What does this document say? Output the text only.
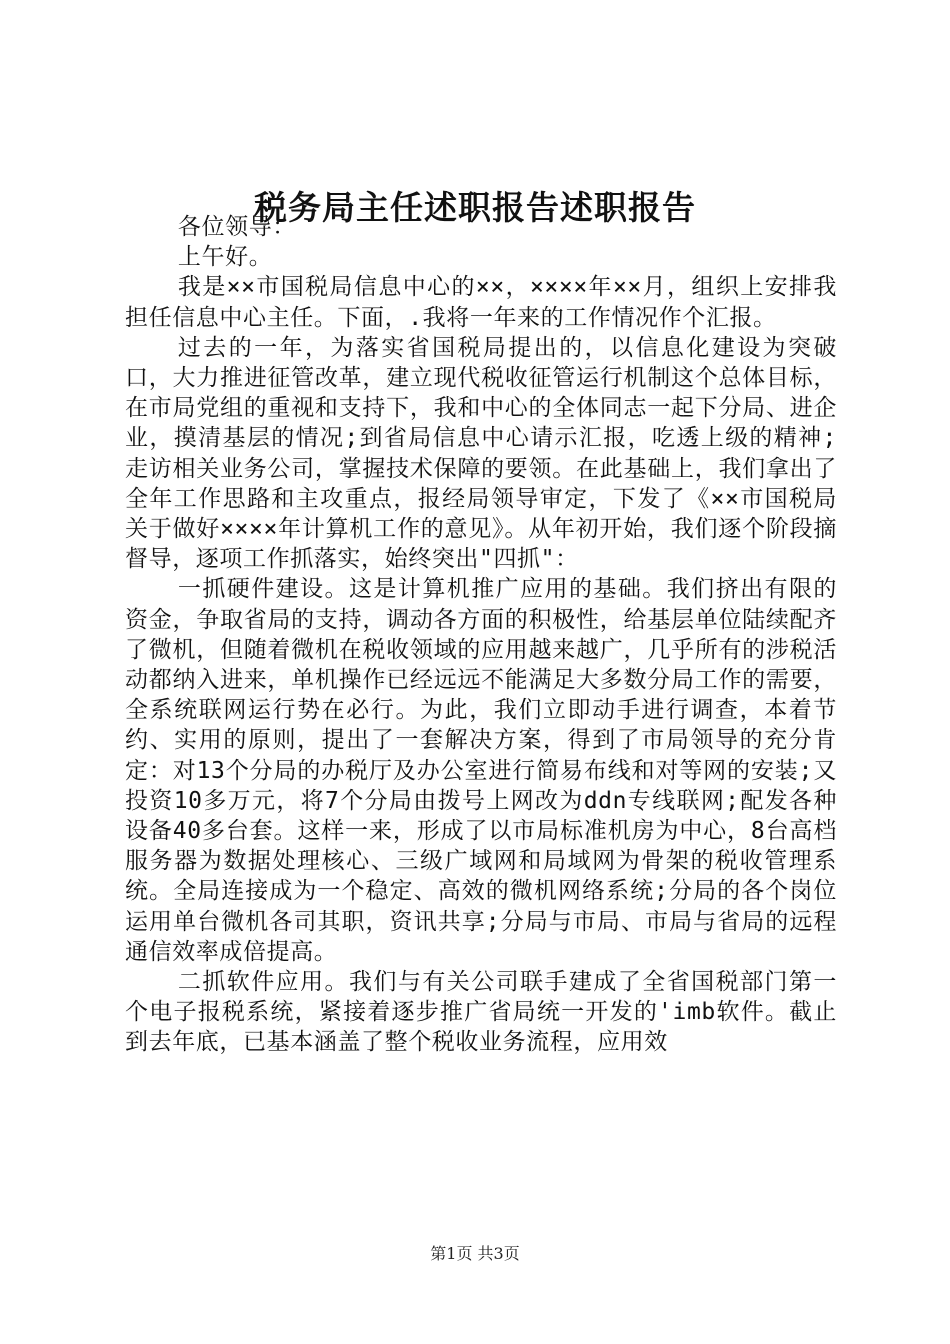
税务局主任述职报告述职报告

各位领导：

上午好。

我是××市国税局信息中心的××，××××年××月，组织上安排我担任信息中心主任。下面，.我将一年来的工作情况作个汇报。

过去的一年，为落实省国税局提出的，以信息化建设为突破口，大力推进征管改革，建立现代税收征管运行机制这个总体目标，在市局党组的重视和支持下，我和中心的全体同志一起下分局、进企业，摸清基层的情况;到省局信息中心请示汇报，吃透上级的精神;走访相关业务公司，掌握技术保障的要领。在此基础上，我们拿出了全年工作思路和主攻重点，报经局领导审定，下发了《××市国税局关于做好××××年计算机工作的意见》。从年初开始，我们逐个阶段摘督导，逐项工作抓落实，始终突出"四抓"：

一抓硬件建设。这是计算机推广应用的基础。我们挤出有限的资金，争取省局的支持，调动各方面的积极性，给基层单位陆续配齐了微机，但随着微机在税收领域的应用越来越广，几乎所有的涉税活动都纳入进来，单机操作已经远远不能满足大多数分局工作的需要，全系统联网运行势在必行。为此，我们立即动手进行调查，本着节约、实用的原则，提出了一套解决方案，得到了市局领导的充分肯定：对13个分局的办税厅及办公室进行简易布线和对等网的安装;又投资10多万元，将7个分局由拨号上网改为ddn专线联网;配发各种设备40多台套。这样一来，形成了以市局标准机房为中心，8台高档服务器为数据处理核心、三级广域网和局域网为骨架的税收管理系统。全局连接成为一个稳定、高效的微机网络系统;分局的各个岗位运用单台微机各司其职，资讯共享;分局与市局、市局与省局的远程通信效率成倍提高。

二抓软件应用。我们与有关公司联手建成了全省国税部门第一个电子报税系统，紧接着逐步推广省局统一开发的'imb软件。截止到去年底，已基本涵盖了整个税收业务流程，应用效

第1页 共3页
